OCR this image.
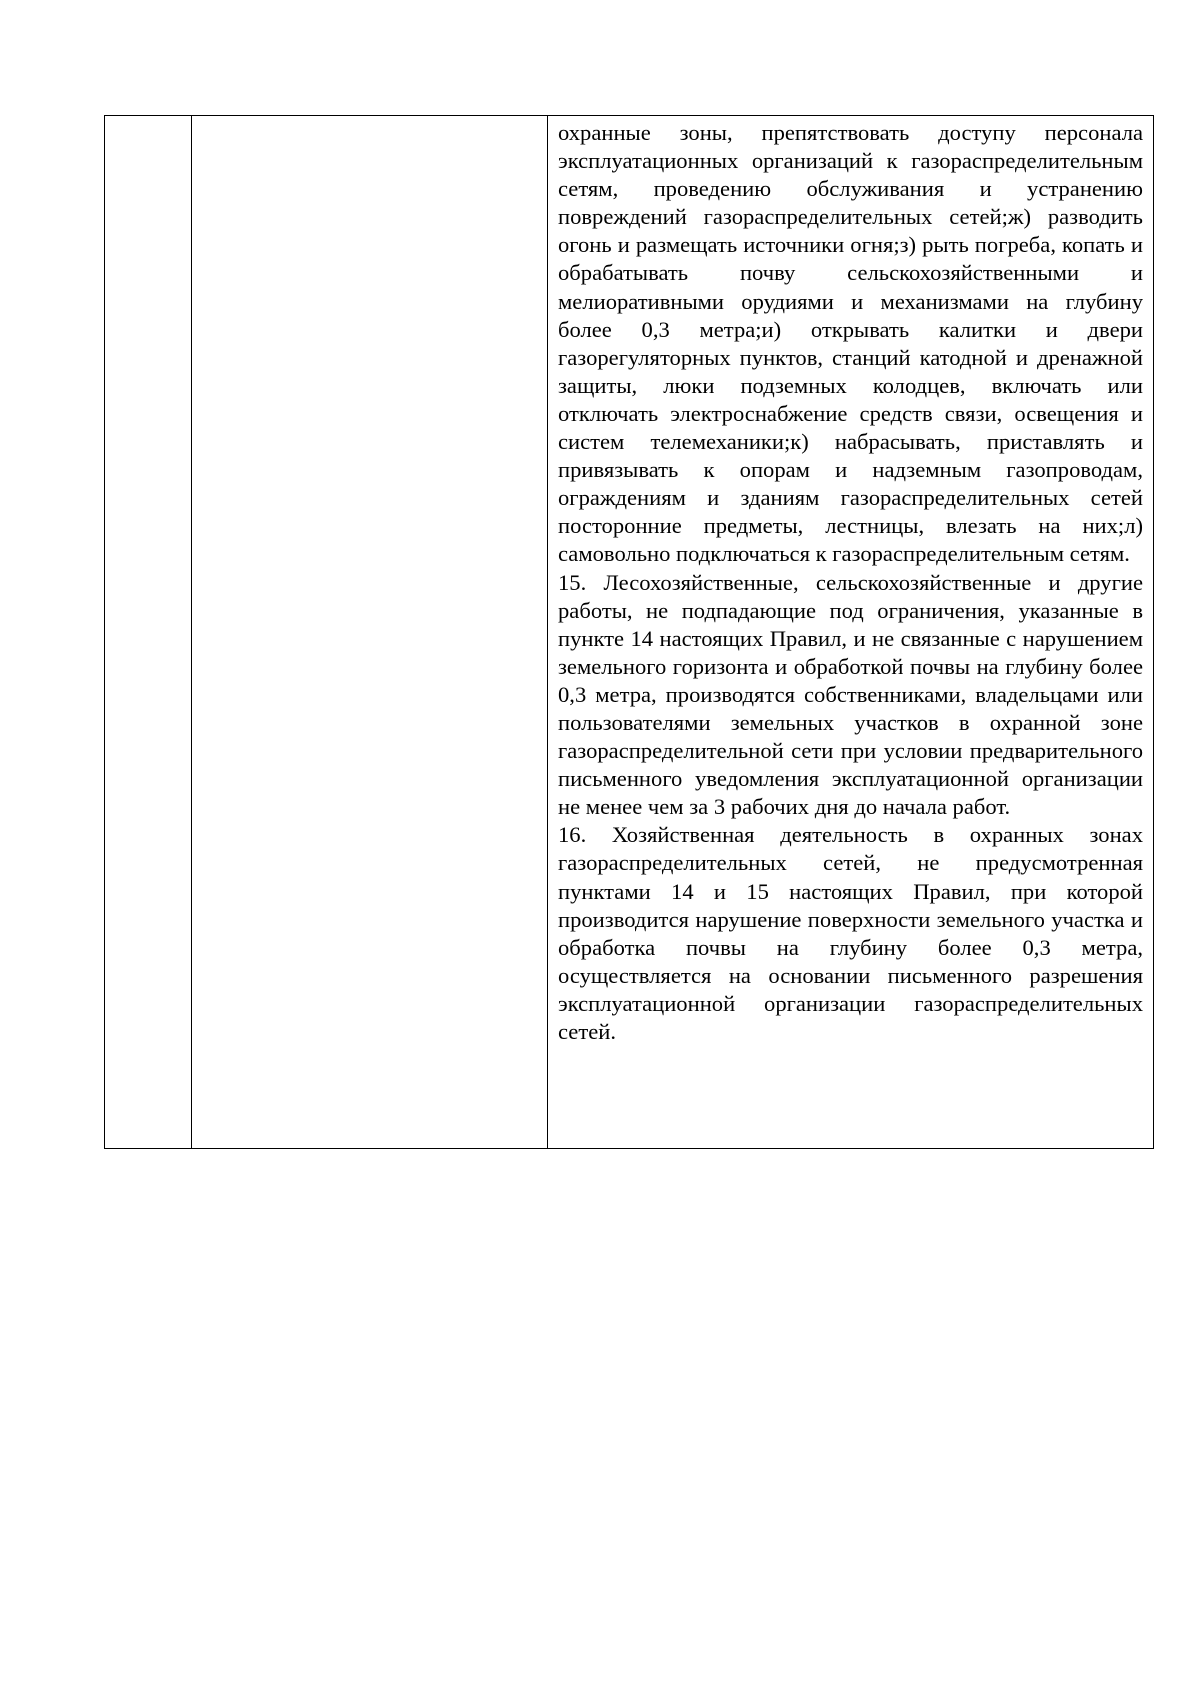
охранные зоны, препятствовать доступу персонала эксплуатационных организаций к газораспределительным сетям, проведению обслуживания и устранению повреждений газораспределительных сетей;ж) разводить огонь и размещать источники огня;з) рыть погреба, копать и обрабатывать почву сельскохозяйственными и мелиоративными орудиями и механизмами на глубину более 0,3 метра;и) открывать калитки и двери газорегуляторных пунктов, станций катодной и дренажной защиты, люки подземных колодцев, включать или отключать электроснабжение средств связи, освещения и систем телемеханики;к) набрасывать, приставлять и привязывать к опорам и надземным газопроводам, ограждениям и зданиям газораспределительных сетей посторонние предметы, лестницы, влезать на них;л) самовольно подключаться к газораспределительным сетям.

15. Лесохозяйственные, сельскохозяйственные и другие работы, не подпадающие под ограничения, указанные в пункте 14 настоящих Правил, и не связанные с нарушением земельного горизонта и обработкой почвы на глубину более 0,3 метра, производятся собственниками, владельцами или пользователями земельных участков в охранной зоне газораспределительной сети при условии предварительного письменного уведомления эксплуатационной организации не менее чем за 3 рабочих дня до начала работ.

16. Хозяйственная деятельность в охранных зонах газораспределительных сетей, не предусмотренная пунктами 14 и 15 настоящих Правил, при которой производится нарушение поверхности земельного участка и обработка почвы на глубину более 0,3 метра, осуществляется на основании письменного разрешения эксплуатационной организации газораспределительных сетей.
